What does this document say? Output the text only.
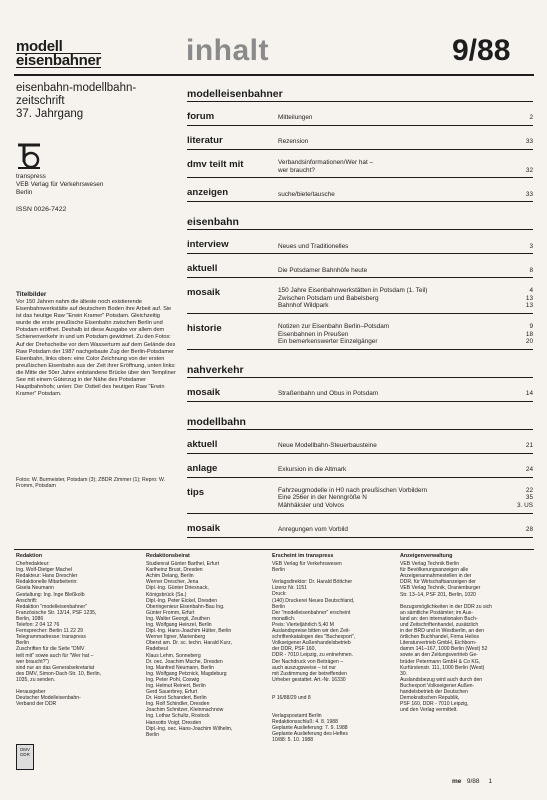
modell
eisenbahner	inhalt	9/88
eisenbahn-modellbahn-
zeitschrift
37. Jahrgang
transpress
VEB Verlag für Verkehrswesen
Berlin
ISSN 0026-7422
Titelbilder
Vor 150 Jahren nahm die älteste noch existierende Eisenbahnwerkstätte auf deutschem Boden ihre Arbeit auf. Sie ist das heutige Raw "Erwin Kramer" Potsdam. Gleichzeitig wurde die erste preußische Eisenbahn zwischen Berlin und Potsdam eröffnet. Deshalb ist diese Ausgabe vor allem dem Schienenverkehr in und um Potsdam gewidmet. Zu den Fotos: Auf der Drehscheibe vor dem Wasserturm auf dem Gelände des Raw Potsdam der 1987 nachgebaute Zug der Berlin-Potsdamer Eisenbahn, links oben: eine Color Zeichnung von der ersten preußischen Eisenbahn aus der Zeit ihrer Eröffnung, unten links: die Mitte der 50er Jahre entstandene Brücke über den Templiner See mit einem Güterzug in der Nähe des Potsdamer Hauptbahnhofs; unten: Der Ostteil des heutigen Raw "Erwin Kramer" Potsdam.
Fotos: W. Burmeister, Potsdam (3); ZBDR Zimmer (1); Repro: W. Fromm, Potsdam
modelleisenbahner
forum	Mitteilungen	2
literatur	Rezension	33
dmv teilt mit	Verbandsinformationen/Wer hat –
wer braucht?	32
anzeigen	suche/biete/tausche	33
eisenbahn
interview	Neues und Traditionelles	3
aktuell	Die Potsdamer Bahnhöfe heute	8
mosaik	150 Jahre Eisenbahnwerkstätten in Potsdam (1. Teil)	4
Zwischen Potsdam und Babelsberg	13
Bahnhof Wildpark	13
historie	Notizen zur Eisenbahn Berlin–Potsdam	9
Eisenbahnen in Preußen	18
Ein bemerkenswerter Einzelgänger	20
nahverkehr
mosaik	Straßenbahn und Obus in Potsdam	14
modellbahn
aktuell	Neue Modellbahn-Steuerbausteine	21
anlage	Exkursion in die Altmark	24
tips	Fahrzeugmodelle in H0 nach preußischen Vorbildern	22
Eine 256er in der Nenngröße N	35
Mähhäksler und Volvos	3. US
mosaik	Anregungen vom Vorbild	28
Redaktion
Chefredakteur:
Ing. Wolf-Dietger Machel
Redakteur: Hans Dreschler
Redaktionelle Mitarbeiterin:
Gisela Neumann
Gestaltung: Ing. Inge Bleßkolb
Anschrift:
Redaktion "modelleisenbahner"
Französische Str. 13/14, PSF 1235,
Berlin, 1086
Telefon: 2 04 12 76
Fernsprecher: Berlin 11 22 29
Telegrammadresse: transpress
Berlin
Zuschriften für die Seite "DMV
teilt mit" sowie auch für "Wer hat –
wer braucht?")
sind nur an das Generalsekretariat
des DMV, Simon-Dach-Str. 10, Berlin,
1035, zu senden.
Herausgeber
Deutscher Modelleisenbahn-
Verband der DDR
Redaktionsbeirat
Studienrat Günter Barthel, Erfurt
Karlheinz Brust, Dresden
Achim Delang, Berlin
Werner Drescher, Jena
Dipl.-Ing. Günter Driesnack,
Königsbrück (Sa.)
Dipl.-Ing. Peter Eickel, Dresden
Oberingenieur Eisenbahn-Bau Ing.
Günter Fromm, Erfurt
Ing. Walter Georgii, Zeuthen
Ing. Wolfgang Heinzel, Berlin
Dipl.-Ing. Hans-Joachim Hütter, Berlin
Werner Ilgner, Marienberg
Oberst am. Dr. sc. techn. Harald Kurz,
Radebeul
Klaus Lehm, Sonneberg
Dr. oec. Joachim Muche, Dresden
Ing. Manfred Neumann, Berlin
Ing. Wolfgang Petznick, Magdeburg
Ing. Peter Pohl, Coswig
Ing. Helmut Reinert, Berlin
Gerd Sauerbrey, Erfurt
Dr. Horst Schandert, Berlin
Ing. Rolf Schindler, Dresden
Joachim Schnitzer, Kleinmachnow
Ing. Lothar Schultz, Rostock
Hansotto Voigt, Dresden
Dipl.-Ing. oec. Hans-Joachim Wilhelm,
Berlin
Erscheint im transpress
VEB Verlag für Verkehrswesen
Berlin
Verlagsdirektor: Dr. Harald Böttcher
Lizenz Nr. 1151
Druck:
(140) Druckerei Neues Deutschland,
Berlin
Der "modelleisenbahner" erscheint
monatlich.
Preis: Vierteljährlich 5,40 M
Auslandspreise bitten wir den Zeit-
schriftenkatalogen des "Buchexport",
Volkseigener Außenhandelsbetrieb
der DDR, PSF 160,
DDR - 7010 Leipzig, zu entnehmen.
Der Nachdruck von Beiträgen –
auch auszugsweise – ist nur
mit Zustimmung der betreffenden
Urheber gestattet. Art.-Nr. 16330
P 16/88/29 und 8
Verlagspostamt Berlin
Redaktionsschluß: 4. 8. 1988
Geplante Auslieferung: 7. 9. 1988
Geplante Auslieferung des Heftes
10/88: 5. 10. 1988
Anzeigenverwaltung
VEB Verlag Technik Berlin
für Bevölkerungsanzeigen alle
Anzeigenannahmestellen in der
DDR, für Wirtschaftsanzeigen der
VEB Verlag Technik, Oranienburger
Str. 13–14, PSF 201, Berlin, 1020
Bezugsmöglichkeiten in der DDR zu sich
an sämtliche Postämter; im Aus-
land an: den internationalen Buch-
und Zeitschriftenhandel, zusätzlich
in der BRD und in Westberlin, an den
örtlichen Buchhandel, Firma Helios
Literaturvertrieb GmbH, Eichborn-
damm 141–167, 1000 Berlin (West) 52
sowie an den Zeitungsvertrieb Ge-
brüder Petermann GmbH & Co KG,
Kurfürstenstr. 111, 1000 Berlin (West)
30.
Auslandsbezug wird auch durch den
Buchexport Volkseigener Außen-
handelsbetrieb der Deutschen
Demokratischen Republik,
PSF 160, DDR - 7010 Leipzig,
und den Verlag vermittelt.
DMV DDR
me 9/88 1
